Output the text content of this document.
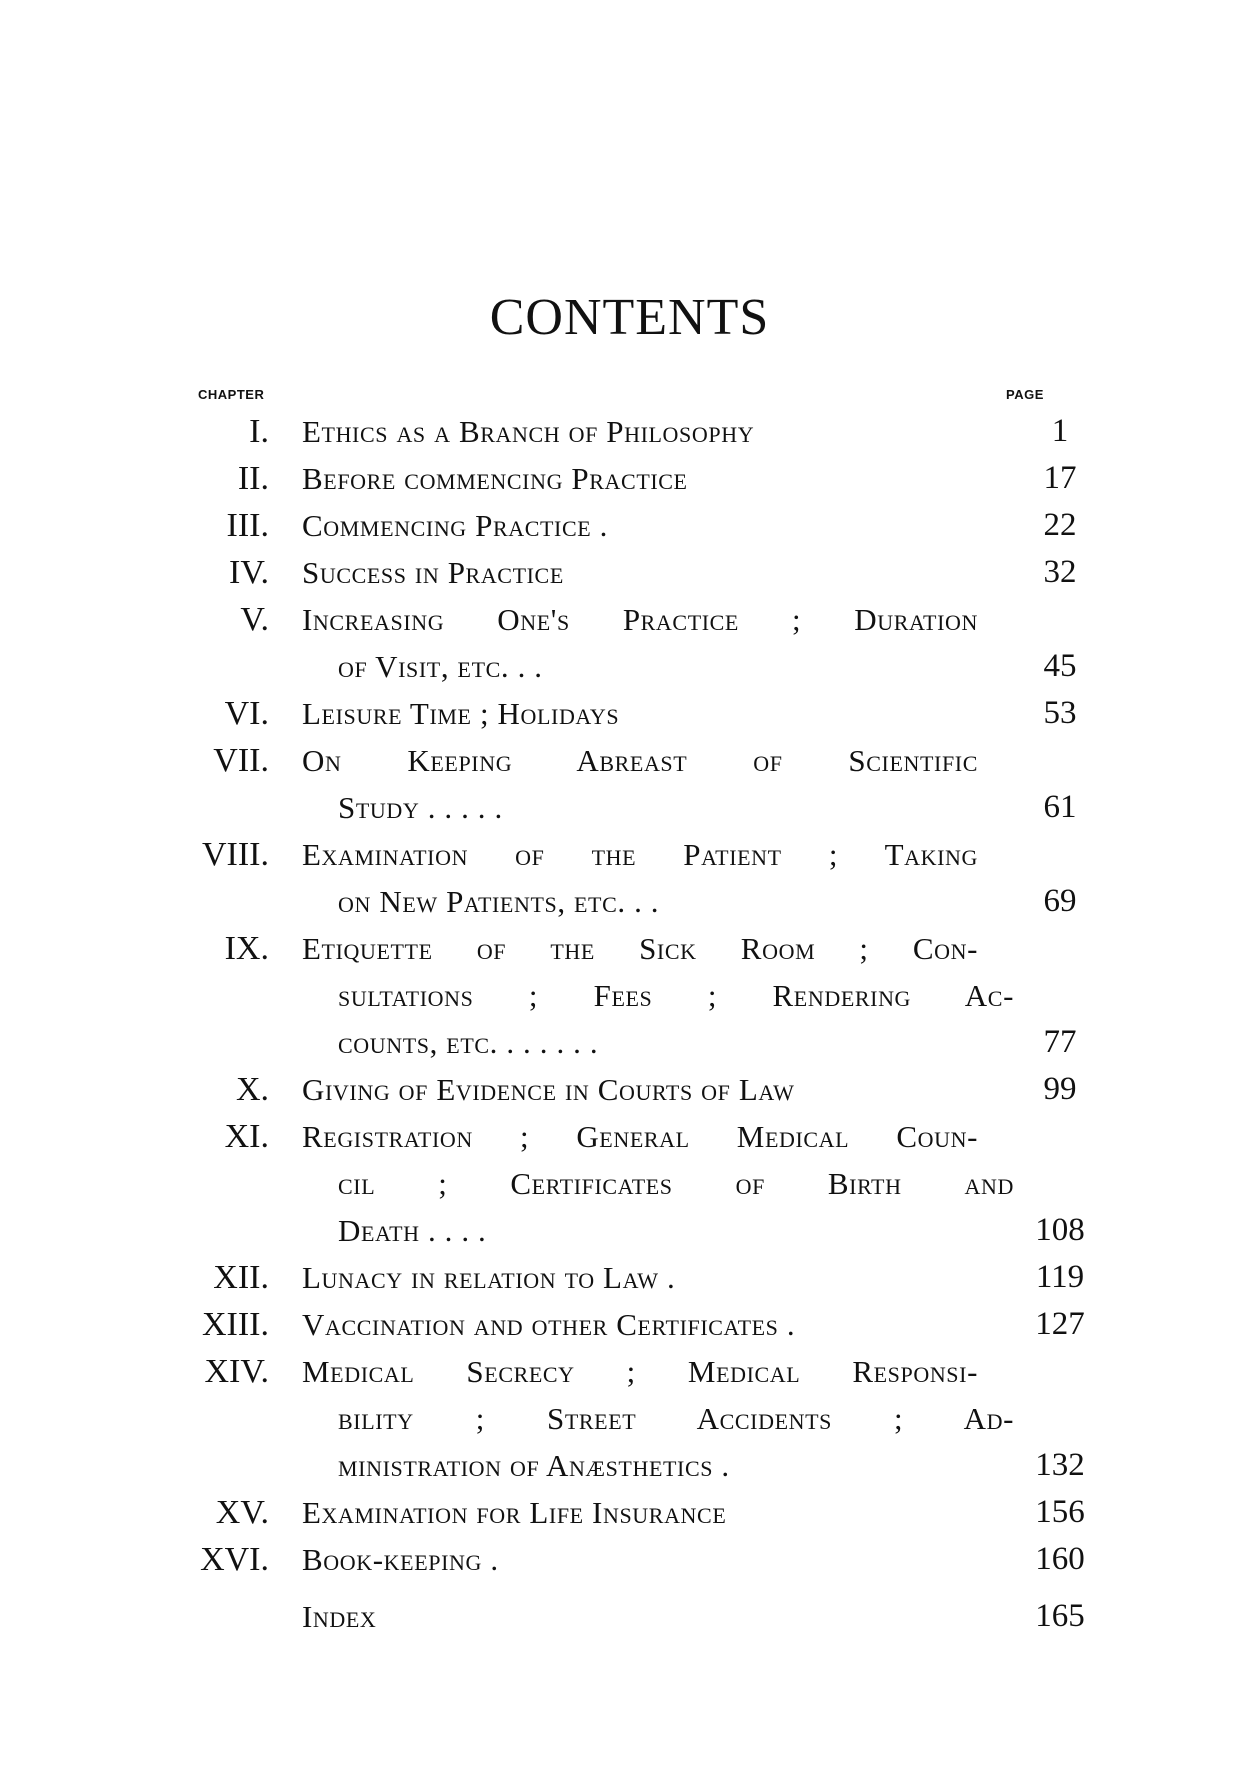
CONTENTS
CHAPTER	PAGE
I. Ethics as a Branch of Philosophy	1
II. Before commencing Practice	17
III. Commencing Practice .	22
IV. Success in Practice	32
V. Increasing One's Practice ; Duration
of Visit, etc. . .	45
VI. Leisure Time ; Holidays	53
VII. On Keeping Abreast of Scientific
Study . . . . .	61
VIII. Examination of the Patient ; Taking
on New Patients, etc. . .	69
IX. Etiquette of the Sick Room ; Con-
sultations ; Fees ; Rendering Ac-
counts, etc. . . . . . .	77
X. Giving of Evidence in Courts of Law	99
XI. Registration ; General Medical Coun-
cil ; Certificates of Birth and
Death . . . .	108
XII. Lunacy in relation to Law .	119
XIII. Vaccination and other Certificates .	127
XIV. Medical Secrecy ; Medical Responsi-
bility ; Street Accidents ; Ad-
ministration of Anæsthetics .	132
XV. Examination for Life Insurance	156
XVI. Book-keeping .	160
Index	165
